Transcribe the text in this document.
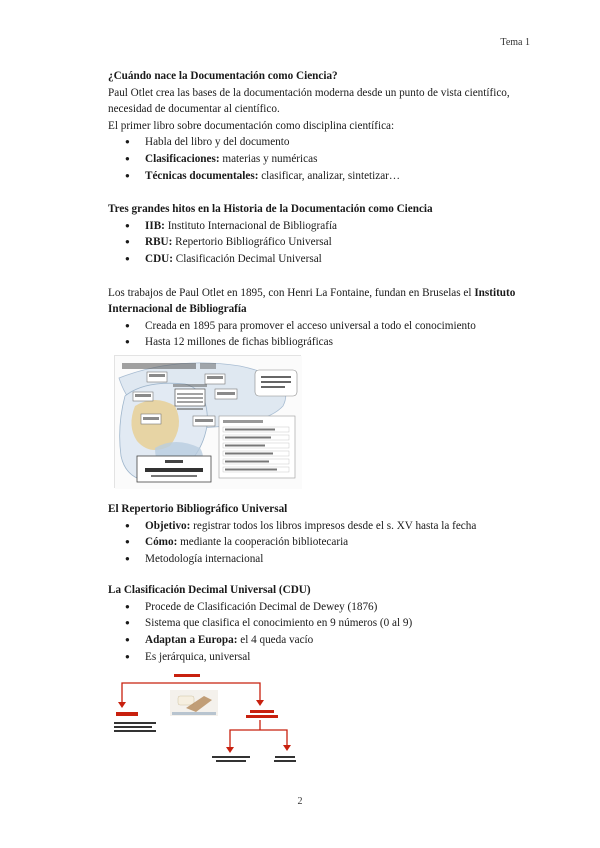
Tema 1
¿Cuándo nace la Documentación como Ciencia?

Paul Otlet crea las bases de la documentación moderna desde un punto de vista científico, necesidad de documentar al científico.

El primer libro sobre documentación como disciplina científica:

● Habla del libro y del documento
● Clasificaciones: materias y numéricas
● Técnicas documentales: clasificar, analizar, sintetizar…
Tres grandes hitos en la Historia de la Documentación como Ciencia
● IIB: Instituto Internacional de Bibliografía
● RBU: Repertorio Bibliográfico Universal
● CDU: Clasificación Decimal Universal

Los trabajos de Paul Otlet en 1895, con Henri La Fontaine, fundan en Bruselas el Instituto Internacional de Bibliografía

● Creada en 1895 para promover el acceso universal a todo el conocimiento
● Hasta 12 millones de fichas bibliográficas
El Repertorio Bibliográfico Universal
● Objetivo: registrar todos los libros impresos desde el s. XV hasta la fecha
● Cómo: mediante la cooperación bibliotecaria
● Metodología internacional
La Clasificación Decimal Universal (CDU)
● Procede de Clasificación Decimal de Dewey (1876)
● Sistema que clasifica el conocimiento en 9 números (0 al 9)
● Adaptan a Europa: el 4 queda vacío
● Es jerárquica, universal
2
